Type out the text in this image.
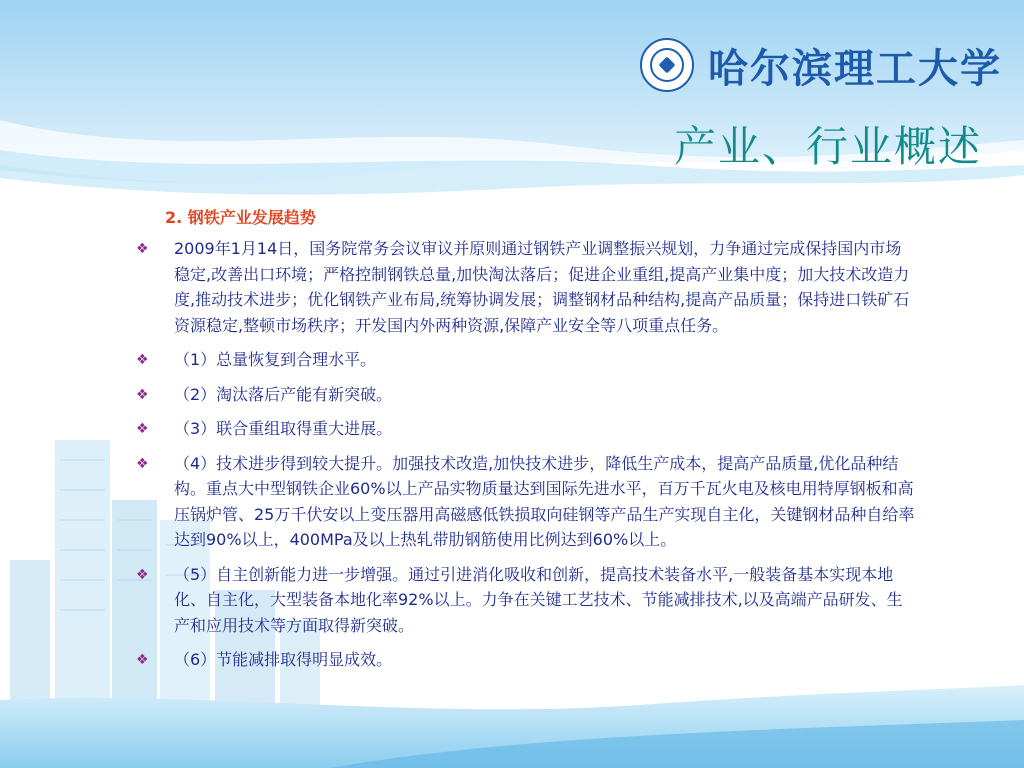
哈尔滨理工大学
产业、行业概述
2. 钢铁产业发展趋势
❖ 2009年1月14日，国务院常务会议审议并原则通过钢铁产业调整振兴规划，力争通过完成保持国内市场稳定,改善出口环境；严格控制钢铁总量,加快淘汰落后；促进企业重组,提高产业集中度；加大技术改造力度,推动技术进步；优化钢铁产业布局,统筹协调发展；调整钢材品种结构,提高产品质量；保持进口铁矿石资源稳定,整顿市场秩序；开发国内外两种资源,保障产业安全等八项重点任务。
❖ （1）总量恢复到合理水平。
❖ （2）淘汰落后产能有新突破。
❖ （3）联合重组取得重大进展。
❖ （4）技术进步得到较大提升。加强技术改造,加快技术进步，降低生产成本，提高产品质量,优化品种结构。重点大中型钢铁企业60%以上产品实物质量达到国际先进水平，百万千瓦火电及核电用特厚钢板和高压锅炉管、25万千伏安以上变压器用高磁感低铁损取向硅钢等产品生产实现自主化，关键钢材品种自给率达到90%以上，400MPa及以上热轧带肋钢筋使用比例达到60%以上。
❖ （5）自主创新能力进一步增强。通过引进消化吸收和创新，提高技术装备水平,一般装备基本实现本地化、自主化，大型装备本地化率92%以上。力争在关键工艺技术、节能减排技术,以及高端产品研发、生产和应用技术等方面取得新突破。
❖ （6）节能减排取得明显成效。
